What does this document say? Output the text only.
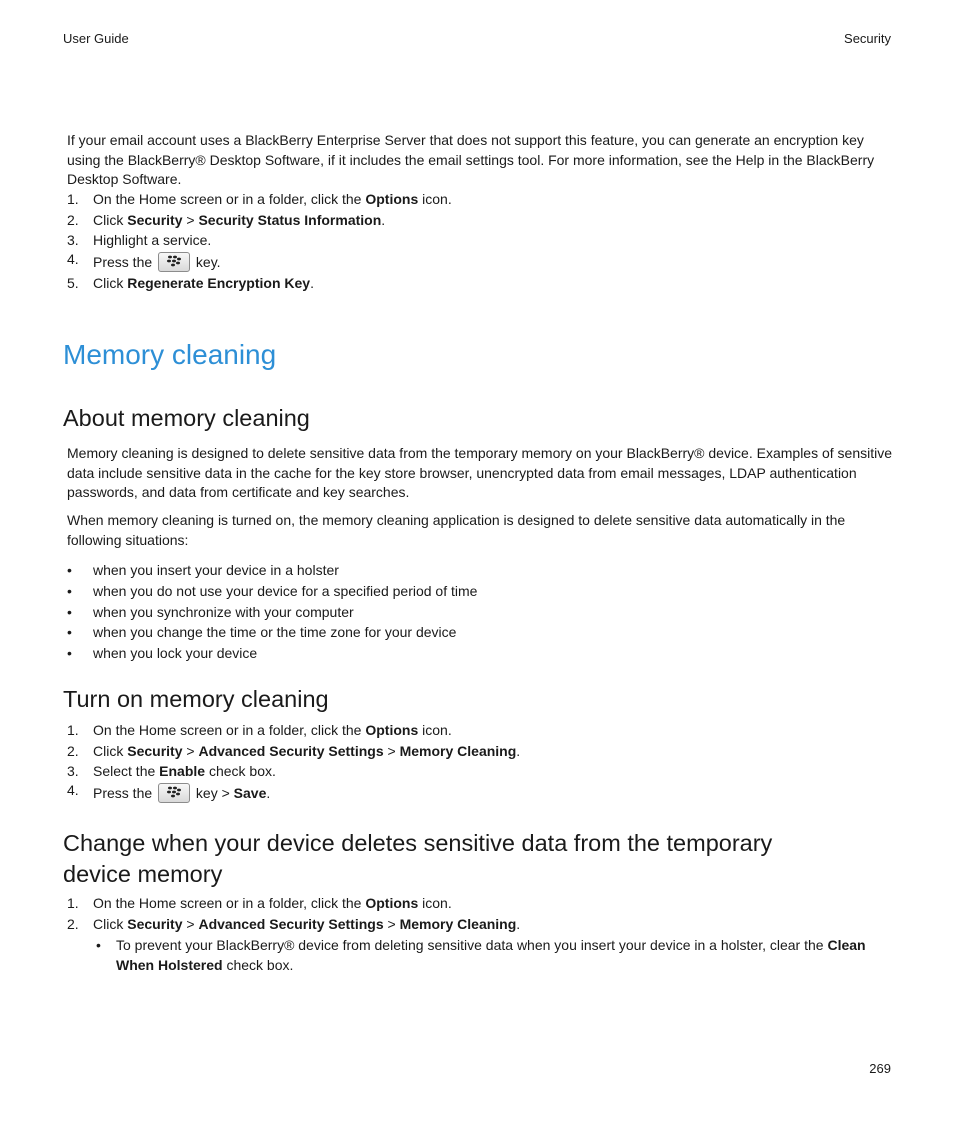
User Guide	Security

If your email account uses a BlackBerry Enterprise Server that does not support this feature, you can generate an encryption key using the BlackBerry® Desktop Software, if it includes the email settings tool. For more information, see the Help in the BlackBerry Desktop Software.

1. On the Home screen or in a folder, click the Options icon.
2. Click Security > Security Status Information.
3. Highlight a service.
4. Press the	key.
5. Click Regenerate Encryption Key.
Memory cleaning
About memory cleaning

Memory cleaning is designed to delete sensitive data from the temporary memory on your BlackBerry® device. Examples of sensitive data include sensitive data in the cache for the key store browser, unencrypted data from email messages, LDAP authentication passwords, and data from certificate and key searches.

When memory cleaning is turned on, the memory cleaning application is designed to delete sensitive data automatically in the following situations:

• when you insert your device in a holster
• when you do not use your device for a specified period of time
• when you synchronize with your computer
• when you change the time or the time zone for your device
• when you lock your device
Turn on memory cleaning
1. On the Home screen or in a folder, click the Options icon.
2. Click Security > Advanced Security Settings > Memory Cleaning.
3. Select the Enable check box.
4. Press the	key > Save.
Change when your device deletes sensitive data from the temporary
device memory
1. On the Home screen or in a folder, click the Options icon.
2. Click Security > Advanced Security Settings > Memory Cleaning.

• To prevent your BlackBerry® device from deleting sensitive data when you insert your device in a holster, clear the Clean When Holstered check box.

269
